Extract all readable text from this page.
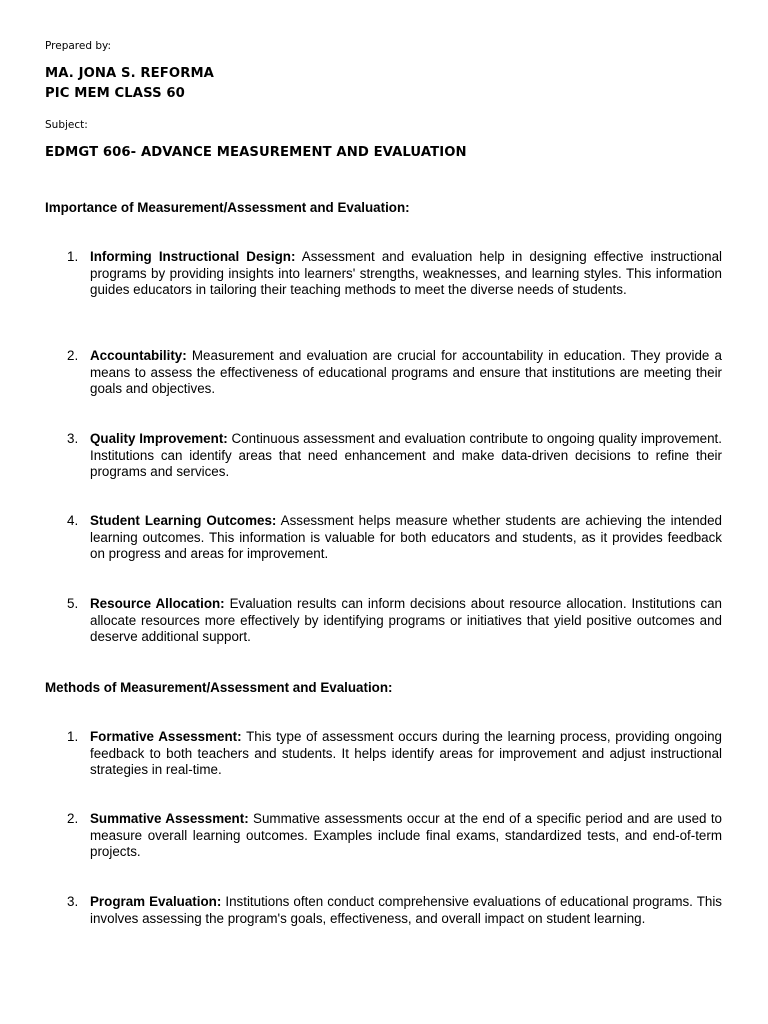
Prepared by:
MA. JONA S. REFORMA
PIC MEM CLASS 60
Subject:
EDMGT 606- ADVANCE MEASUREMENT AND EVALUATION
Importance of Measurement/Assessment and Evaluation:
1. Informing Instructional Design: Assessment and evaluation help in designing effective instructional programs by providing insights into learners' strengths, weaknesses, and learning styles. This information guides educators in tailoring their teaching methods to meet the diverse needs of students.
2. Accountability: Measurement and evaluation are crucial for accountability in education. They provide a means to assess the effectiveness of educational programs and ensure that institutions are meeting their goals and objectives.
3. Quality Improvement: Continuous assessment and evaluation contribute to ongoing quality improvement. Institutions can identify areas that need enhancement and make data-driven decisions to refine their programs and services.
4. Student Learning Outcomes: Assessment helps measure whether students are achieving the intended learning outcomes. This information is valuable for both educators and students, as it provides feedback on progress and areas for improvement.
5. Resource Allocation: Evaluation results can inform decisions about resource allocation. Institutions can allocate resources more effectively by identifying programs or initiatives that yield positive outcomes and deserve additional support.
Methods of Measurement/Assessment and Evaluation:
1. Formative Assessment: This type of assessment occurs during the learning process, providing ongoing feedback to both teachers and students. It helps identify areas for improvement and adjust instructional strategies in real-time.
2. Summative Assessment: Summative assessments occur at the end of a specific period and are used to measure overall learning outcomes. Examples include final exams, standardized tests, and end-of-term projects.
3. Program Evaluation: Institutions often conduct comprehensive evaluations of educational programs. This involves assessing the program's goals, effectiveness, and overall impact on student learning.
